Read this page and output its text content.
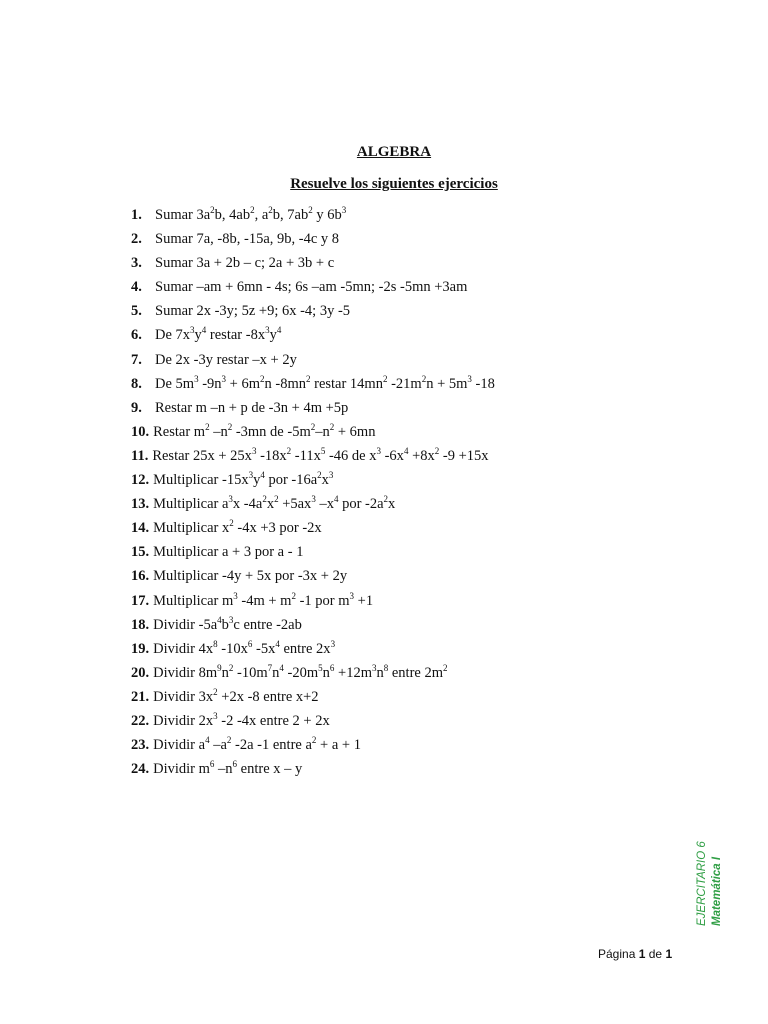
ALGEBRA
Resuelve los siguientes ejercicios
1. Sumar $3a^2b$, $4ab^2$, $a^2b$, $7ab^2$ y $6b^3$
2. Sumar 7a, -8b, -15a, 9b, -4c y 8
3. Sumar 3a + 2b – c; 2a + 3b + c
4. Sumar –am + 6mn - 4s; 6s –am -5mn; -2s -5mn +3am
5. Sumar 2x -3y; 5z +9; 6x -4; 3y -5
6. De $7x^3y^4$ restar $-8x^3y^4$
7. De 2x -3y restar –x + 2y
8. De $5m^3$ $-9n^3 + 6m^2n$ $-8mn^2$ restar $14mn^2$ $-21m^2n + 5m^3$ -18
9. Restar m –n + p de -3n + 4m +5p
10. Restar $m^2$ $-n^2$ -3mn de $-5m^2-n^2 + 6mn$
11. Restar $25x + 25x^3$ $-18x^2$ $-11x^5$ -46 de $x^3$ $-6x^4 +8x^2$ -9 +15x
12. Multiplicar $-15x^3y^4$ por $-16a^2x^3$
13. Multiplicar $a^3x$ $-4a^2x^2 +5ax^3$ $-x^4$ por $-2a^2x$
14. Multiplicar $x^2$ -4x +3 por -2x
15. Multiplicar a + 3 por a - 1
16. Multiplicar -4y + 5x por -3x + 2y
17. Multiplicar $m^3$ $-4m + m^2$ -1 por $m^3 +1$
18. Dividir $-5a^4b^3c$ entre -2ab
19. Dividir $4x^8$ $-10x^6$ $-5x^4$ entre $2x^3$
20. Dividir $8m^9n^2$ $-10m^7n^4$ $-20m^5n^6 +12m^3n^8$ entre $2m^2$
21. Dividir $3x^2 +2x$ -8 entre x+2
22. Dividir $2x^3$ -2 -4x entre 2 + 2x
23. Dividir $a^4$ $-a^2$ -2a -1 entre $a^2 + a + 1$
24. Dividir $m^6$ $-n^6$ entre x – y
EJERCITARIO 6 Matemática I
Página 1 de 1
